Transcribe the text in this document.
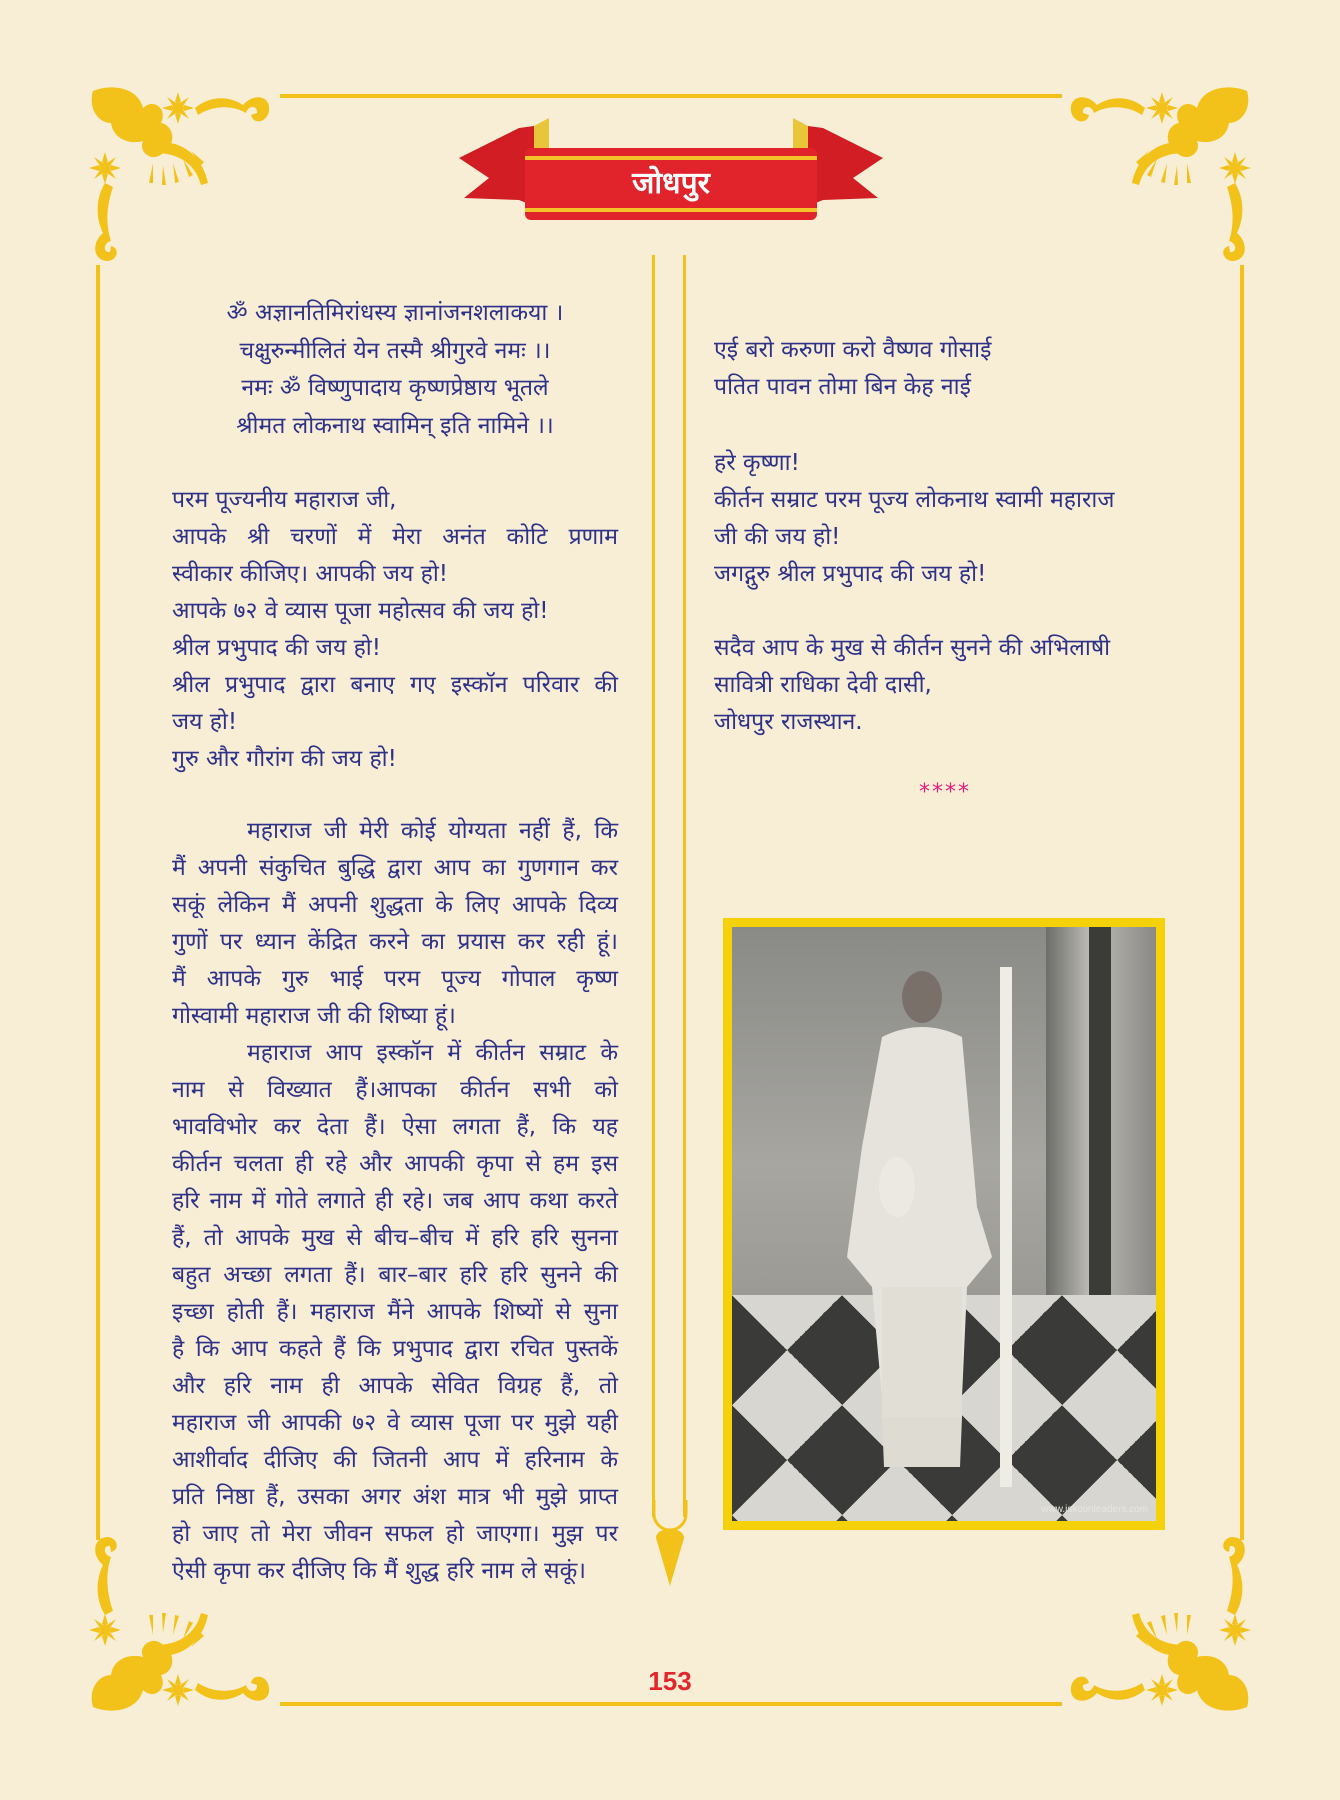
जोधपुर
ॐ अज्ञानतिमिरांधस्य ज्ञानांजनशलाकया ।
चक्षुरुन्मीलितं येन तस्मै श्रीगुरवे नमः ।।
नमः ॐ विष्णुपादाय कृष्णप्रेष्ठाय भूतले
श्रीमत लोकनाथ स्वामिन् इति नामिने ।।
परम पूज्यनीय महाराज जी,
आपके श्री चरणों में मेरा अनंत कोटि प्रणाम
स्वीकार कीजिए। आपकी जय हो!
आपके ७२ वे व्यास पूजा महोत्सव की जय हो!
श्रील प्रभुपाद की जय हो!
श्रील प्रभुपाद द्वारा बनाए गए इस्कॉन परिवार की
जय हो!
गुरु और गौरांग की जय हो!
महाराज जी मेरी कोई योग्यता नहीं हैं, कि
मैं अपनी संकुचित बुद्धि द्वारा आप का गुणगान कर
सकूं लेकिन मैं अपनी शुद्धता के लिए आपके दिव्य
गुणों पर ध्यान केंद्रित करने का प्रयास कर रही हूं।
मैं आपके गुरु भाई परम पूज्य गोपाल कृष्ण
गोस्वामी महाराज जी की शिष्या हूं।
महाराज आप इस्कॉन में कीर्तन सम्राट के
नाम से विख्यात हैं।आपका कीर्तन सभी को
भावविभोर कर देता हैं। ऐसा लगता हैं, कि यह
कीर्तन चलता ही रहे और आपकी कृपा से हम इस
हरि नाम में गोते लगाते ही रहे। जब आप कथा करते
हैं, तो आपके मुख से बीच–बीच में हरि हरि सुनना
बहुत अच्छा लगता हैं। बार–बार हरि हरि सुनने की
इच्छा होती हैं। महाराज मैंने आपके शिष्यों से सुना
है कि आप कहते हैं कि प्रभुपाद द्वारा रचित पुस्तकें
और हरि नाम ही आपके सेवित विग्रह हैं, तो
महाराज जी आपकी ७२ वे व्यास पूजा पर मुझे यही
आशीर्वाद दीजिए की जितनी आप में हरिनाम के
प्रति निष्ठा हैं, उसका अगर अंश मात्र भी मुझे प्राप्त
हो जाए तो मेरा जीवन सफल हो जाएगा। मुझ पर
ऐसी कृपा कर दीजिए कि मैं शुद्ध हरि नाम ले सकूं।
एई बरो करुणा करो वैष्णव गोसाई
पतित पावन तोमा बिन केह नाई
हरे कृष्णा!
कीर्तन सम्राट परम पूज्य लोकनाथ स्वामी महाराज
जी की जय हो!
जगद्गुरु श्रील प्रभुपाद की जय हो!
सदैव आप के मुख से कीर्तन सुनने की अभिलाषी
सावित्री राधिका देवी दासी,
जोधपुर राजस्थान.
****
www.iskconleaders.com
153
